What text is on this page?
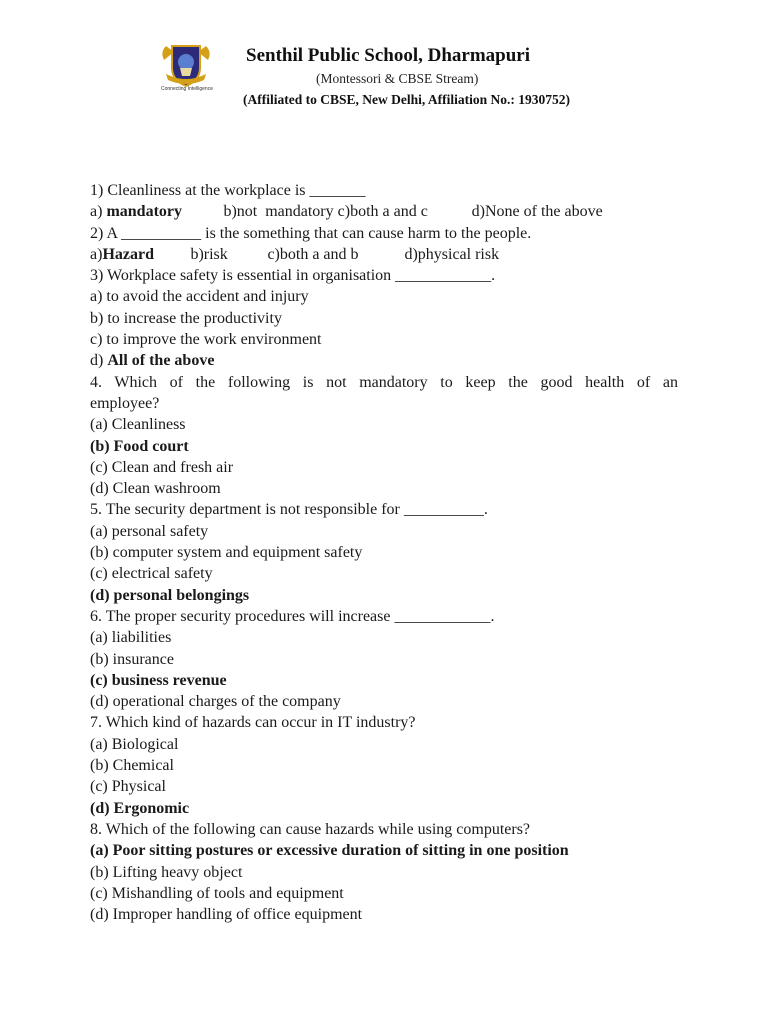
Connecting Intelligence
Senthil Public School, Dharmapuri
(Montessori & CBSE Stream)
(Affiliated to CBSE, New Delhi, Affiliation No.: 1930752)
1) Cleanliness at the workplace is _______
a) mandatory	b)not  mandatory c)both a and c	d)None of the above
2) A __________ is the something that can cause harm to the people.
a)Hazard b)risk c)both a and b	d)physical risk
3) Workplace safety is essential in organisation ____________.
a) to avoid the accident and injury
b) to increase the productivity
c) to improve the work environment
d) All of the above
4. Which of the following is not mandatory to keep the good health of an
employee?
(a) Cleanliness
(b) Food court
(c) Clean and fresh air
(d) Clean washroom
5. The security department is not responsible for __________.
(a) personal safety
(b) computer system and equipment safety
(c) electrical safety
(d) personal belongings
6. The proper security procedures will increase ____________.
(a) liabilities
(b) insurance
(c) business revenue
(d) operational charges of the company
7. Which kind of hazards can occur in IT industry?
(a) Biological
(b) Chemical
(c) Physical
(d) Ergonomic
8. Which of the following can cause hazards while using computers?
(a) Poor sitting postures or excessive duration of sitting in one position
(b) Lifting heavy object
(c) Mishandling of tools and equipment
(d) Improper handling of office equipment
